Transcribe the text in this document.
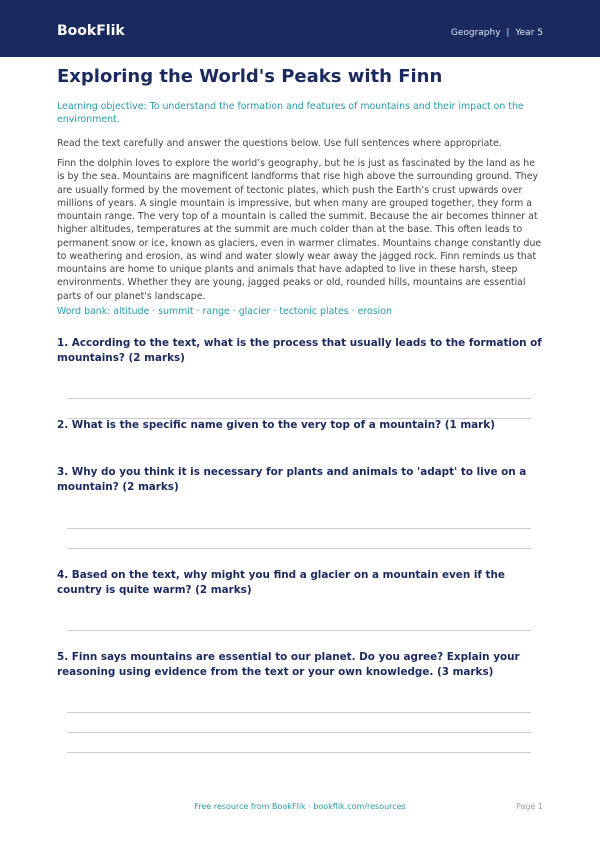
BookFlik	Geography | Year 5
Exploring the World's Peaks with Finn
Learning objective: To understand the formation and features of mountains and their impact on the environment.
Read the text carefully and answer the questions below. Use full sentences where appropriate.

Finn the dolphin loves to explore the world’s geography, but he is just as fascinated by the land as he is by the sea. Mountains are magnificent landforms that rise high above the surrounding ground. They are usually formed by the movement of tectonic plates, which push the Earth’s crust upwards over millions of years. A single mountain is impressive, but when many are grouped together, they form a mountain range. The very top of a mountain is called the summit. Because the air becomes thinner at higher altitudes, temperatures at the summit are much colder than at the base. This often leads to permanent snow or ice, known as glaciers, even in warmer climates. Mountains change constantly due to weathering and erosion, as wind and water slowly wear away the jagged rock. Finn reminds us that mountains are home to unique plants and animals that have adapted to live in these harsh, steep environments. Whether they are young, jagged peaks or old, rounded hills, mountains are essential parts of our planet's landscape.

Word bank: altitude · summit · range · glacier · tectonic plates · erosion
1. According to the text, what is the process that usually leads to the formation of mountains? (2 marks)
2. What is the specific name given to the very top of a mountain? (1 mark)
3. Why do you think it is necessary for plants and animals to 'adapt' to live on a mountain? (2 marks)
4. Based on the text, why might you find a glacier on a mountain even if the country is quite warm? (2 marks)
5. Finn says mountains are essential to our planet. Do you agree? Explain your reasoning using evidence from the text or your own knowledge. (3 marks)
Free resource from BookFlik · bookflik.com/resources	Page 1
